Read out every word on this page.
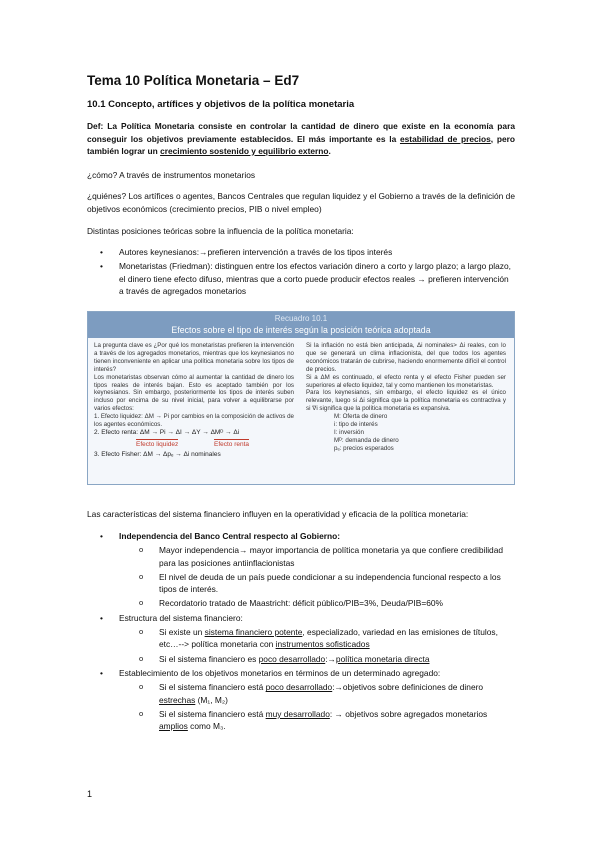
Tema 10 Política Monetaria – Ed7
10.1 Concepto, artífices y objetivos de la política monetaria
Def: La Política Monetaria consiste en controlar la cantidad de dinero que existe en la economía para conseguir los objetivos previamente establecidos. El más importante es la estabilidad de precios, pero también lograr un crecimiento sostenido y equilibrio externo.
¿cómo? A través de instrumentos monetarios
¿quiénes? Los artífices o agentes, Bancos Centrales que regulan liquidez y el Gobierno a través de la definición de objetivos económicos (crecimiento precios, PIB o nivel empleo)
Distintas posiciones teóricas sobre la influencia de la política monetaria:
• Autores keynesianos:→prefieren intervención a través de los tipos interés
• Monetaristas (Friedman): distinguen entre los efectos variación dinero a corto y largo plazo; a largo plazo, el dinero tiene efecto difuso, mientras que a corto puede producir efectos reales → prefieren intervención a través de agregados monetarios
Recuadro 10.1
Efectos sobre el tipo de interés según la posición teórica adoptada

La pregunta clave es ¿Por qué los monetaristas prefieren la intervención a través de los agregados monetarios, mientras que los keynesianos no tienen inconveniente en aplicar una política monetaria sobre los tipos de interés?

Los monetaristas observan cómo al aumentar la cantidad de dinero los tipos reales de interés bajan. Esto es aceptado también por los keynesianos. Sin embargo, posteriormente los tipos de interés suben incluso por encima de su nivel inicial, para volver a equilibrarse por varios efectos:

1. Efecto liquidez: ΔM → Pi por cambios en la composición de activos de los agentes económicos.

2. Efecto renta: ΔM → Pi → ΔI → ΔY → ΔMᴰ → Δi

Efecto liquidez	Efecto renta

3. Efecto Fisher: ΔM → Δpₑ → Δi nominales

Si la inflación no está bien anticipada, Δi nominales> Δi reales, con lo que se generará un clima inflacionista, del que todos los agentes económicos tratarán de cubrirse, haciendo enormemente difícil el control de precios.

Si a ΔM es continuado, el efecto renta y el efecto Fisher pueden ser superiores al efecto liquidez, tal y como mantienen los monetaristas.

Para los keynesianos, sin embargo, el efecto liquidez es el único relevante, luego si Δi significa que la política monetaria es contractiva y si ∇i significa que la política monetaria es expansiva.

M: Oferta de dinero

i: tipo de interés

I: inversión

Mᴰ: demanda de dinero

pₑ: precios esperados

Las características del sistema financiero influyen en la operatividad y eficacia de la política monetaria:
• Independencia del Banco Central respecto al Gobierno:
o Mayor independencia→ mayor importancia de política monetaria ya que confiere credibilidad para las posiciones antiinflacionistas
o El nivel de deuda de un país puede condicionar a su independencia funcional respecto a los tipos de interés.
o Recordatorio tratado de Maastricht: déficit público/PIB=3%, Deuda/PIB=60%
• Estructura del sistema financiero:
o Si existe un sistema financiero potente, especializado, variedad en las emisiones de títulos, etc…--> política monetaria con instrumentos sofisticados
o Si el sistema financiero es poco desarrollado:→política monetaria directa
• Establecimiento de los objetivos monetarios en términos de un determinado agregado:
o Si el sistema financiero está poco desarrollado:→objetivos sobre definiciones de dinero estrechas (M₁, M₂)
o Si el sistema financiero está muy desarrollado: → objetivos sobre agregados monetarios amplios como M₃.
1
